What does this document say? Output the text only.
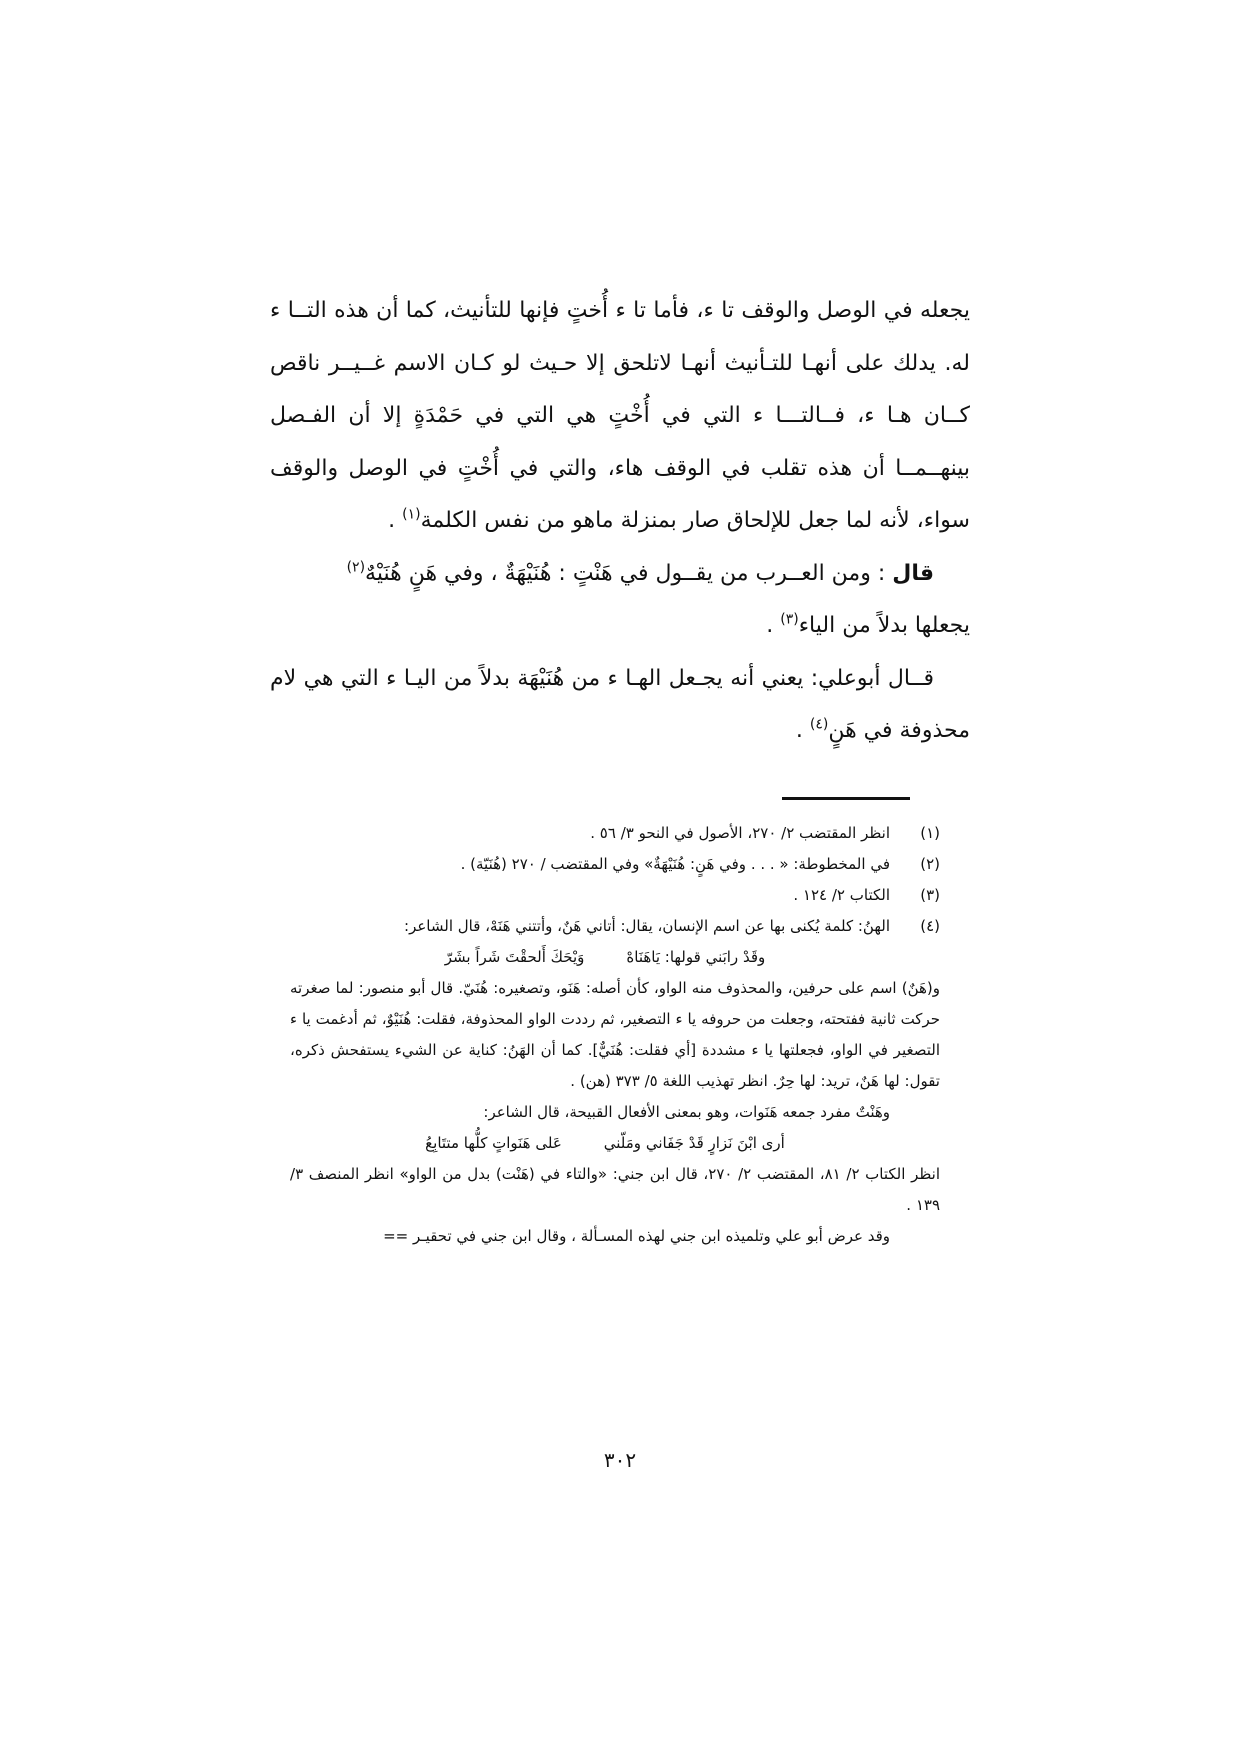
يجعله في الوصل والوقف تا ء، فأما تا ء أُختٍ فإنها للتأنيث، كما أن هذه التــا ء له. يدلك على أنهـا للتـأنيث أنهـا لاتلحق إلا حـيث لو كـان الاسم غــيــر ناقص كــان هـا ء، فــالتـــا ء التي في أُخْتٍ هي التي في حَمْدَةٍ إلا أن الفـصل بينهــمــا أن هذه تقلب في الوقف هاء، والتي في أُخْتٍ في الوصل والوقف سواء، لأنه لما جعل للإلحاق صار بمنزلة ماهو من نفس الكلمة$^{(١)}$ .

قال : ومن العــرب من يقــول في هَنْتٍ : هُنَيْهَةٌ ، وفي هَنٍ هُنَيْهٌ$^{(٢)}$

يجعلها بدلاً من الياء$^{(٣)}$ .

قــال أبوعلي: يعني أنه يجـعل الهـا ء من هُنَيْهَة بدلاً من اليـا ء التي هي لام محذوفة في هَنٍ$^{(٤)}$ .

(١)
انظر المقتضب ٢/ ٢٧٠، الأصول في النحو ٣/ ٥٦ .
(٢)
في المخطوطة: « . . . وفي هَنٍ: هُنَيْهَةٌ» وفي المقتضب / ٢٧٠ (هُنَيّة) .
(٣)
الكتاب ٢/ ١٢٤ .
(٤)
الهنُ: كلمة يُكنى بها عن اسم الإنسان، يقال: أتاني هَنٌ، وأتتني هَنَهْ، قال الشاعر:
وقَدْ رابَني قولها: يَاهَنَاهْ
وَيْحَكَ أَلحقْتَ شَراً بشَرّ
و(هَنٌ) اسم على حرفين، والمحذوف منه الواو، كأن أصله: هَنَو، وتصغيره: هُنَيّ. قال أبو منصور: لما صغرته حركت ثانية ففتحته، وجعلت من حروفه يا ء التصغير، ثم رددت الواو المحذوفة، فقلت: هُنَيْوٌ، ثم أدغمت يا ء التصغير في الواو، فجعلتها يا ء مشددة [أي فقلت: هُنَيٌّ]. كما أن الهَنُ: كناية عن الشيء يستفحش ذكره، تقول: لها هَنٌ، تريد: لها حِرٌ. انظر تهذيب اللغة ٥/ ٣٧٣ (هن) .
وهَنْتٌ مفرد جمعه هَنَوات، وهو بمعنى الأفعال القبيحة، قال الشاعر:
أرى ابْنَ نَزارٍ قَدْ جَفَاني ومَلّني
عَلى هَنَواتٍ كلُّها متتَابِعُ
انظر الكتاب ٢/ ٨١، المقتضب ٢/ ٢٧٠، قال ابن جني: «والتاء في (هَنْت) بدل من الواو» انظر المنصف ٣/ ١٣٩ .
وقد عرض أبو علي وتلميذه ابن جني لهذه المسـألة ، وقال ابن جني في تحقيـر ==
٣٠٢
